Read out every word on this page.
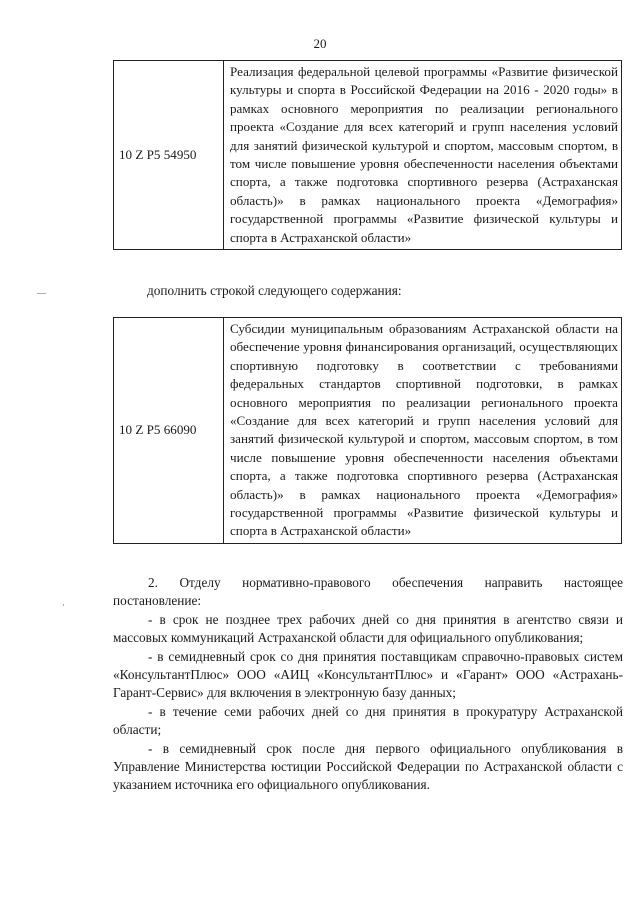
20
10 Z P5 54950	Реализация федеральной целевой программы «Развитие физической культуры и спорта в Российской Федерации на 2016 - 2020 годы» в рамках основного мероприятия по реализации регионального проекта «Создание для всех категорий и групп населения условий для занятий физической культурой и спортом, массовым спортом, в том числе повышение уровня обеспеченности населения объектами спорта, а также подготовка спортивного резерва (Астраханская область)» в рамках национального проекта «Демография» государственной программы «Развитие физической культуры и спорта в Астраханской области»
дополнить строкой следующего содержания:
10 Z P5 66090	Субсидии муниципальным образованиям Астраханской области на обеспечение уровня финансирования организаций, осуществляющих спортивную подготовку в соответствии с требованиями федеральных стандартов спортивной подготовки, в рамках основного мероприятия по реализации регионального проекта «Создание для всех категорий и групп населения условий для занятий физической культурой и спортом, массовым спортом, в том числе повышение уровня обеспеченности населения объектами спорта, а также подготовка спортивного резерва (Астраханская область)» в рамках национального проекта «Демография» государственной программы «Развитие физической культуры и спорта в Астраханской области»

2. Отделу нормативно-правового обеспечения направить настоящее постановление:

- в срок не позднее трех рабочих дней со дня принятия в агентство связи и массовых коммуникаций Астраханской области для официального опубликования;

- в семидневный срок со дня принятия поставщикам справочно-правовых систем «КонсультантПлюс» ООО «АИЦ «КонсультантПлюс» и «Гарант» ООО «Астрахань-Гарант-Сервис» для включения в электронную базу данных;

- в течение семи рабочих дней со дня принятия в прокуратуру Астраханской области;

- в семидневный срок после дня первого официального опубликования в Управление Министерства юстиции Российской Федерации по Астраханской области с указанием источника его официального опубликования.

—
·
